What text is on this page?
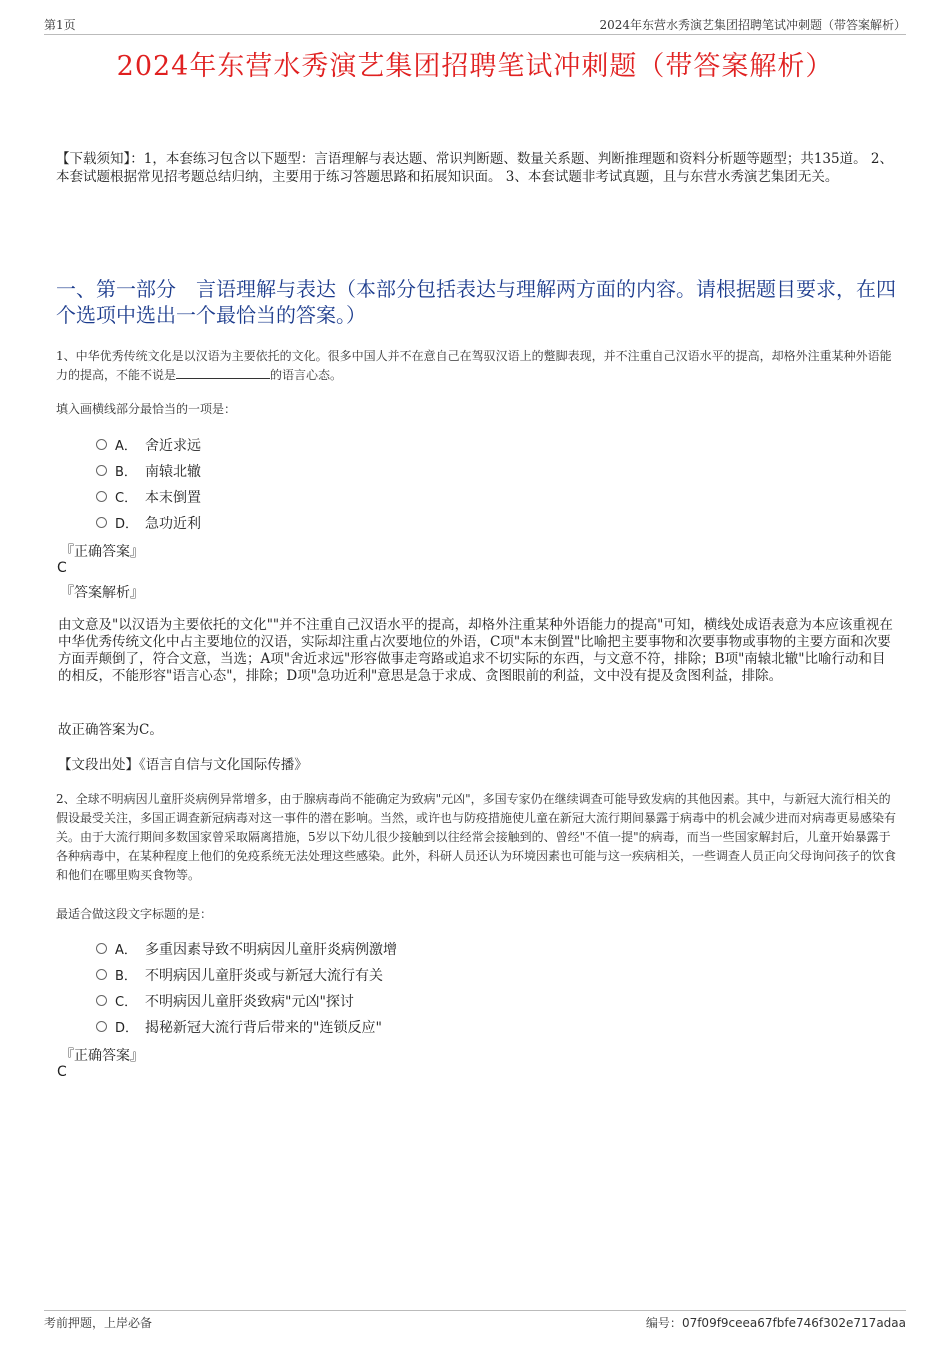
第1页	2024年东营水秀演艺集团招聘笔试冲刺题（带答案解析）
2024年东营水秀演艺集团招聘笔试冲刺题（带答案解析）

【下载须知】：1，本套练习包含以下题型：言语理解与表达题、常识判断题、数量关系题、判断推理题和资料分析题等题型；共135道。 2、本套试题根据常见招考题总结归纳，主要用于练习答题思路和拓展知识面。 3、本套试题非考试真题，且与东营水秀演艺集团无关。

一、第一部分　言语理解与表达（本部分包括表达与理解两方面的内容。请根据题目要求，在四个选项中选出一个最恰当的答案。）

1、中华优秀传统文化是以汉语为主要依托的文化。很多中国人并不在意自己在驾驭汉语上的蹩脚表现，并不注重自己汉语水平的提高，却格外注重某种外语能力的提高，不能不说是	的语言心态。

填入画横线部分最恰当的一项是：

A． 舍近求远
B． 南辕北辙
C． 本末倒置
D． 急功近利

『正确答案』

C

『答案解析』

由文意及"以汉语为主要依托的文化""并不注重自己汉语水平的提高，却格外注重某种外语能力的提高"可知，横线处成语表意为本应该重视在中华优秀传统文化中占主要地位的汉语，实际却注重占次要地位的外语，C项"本末倒置"比喻把主要事物和次要事物或事物的主要方面和次要方面弄颠倒了，符合文意，当选；A项"舍近求远"形容做事走弯路或追求不切实际的东西，与文意不符，排除；B项"南辕北辙"比喻行动和目的相反，不能形容"语言心态"，排除；D项"急功近利"意思是急于求成、贪图眼前的利益，文中没有提及贪图利益，排除。

故正确答案为C。

【文段出处】《语言自信与文化国际传播》

2、全球不明病因儿童肝炎病例异常增多，由于腺病毒尚不能确定为致病"元凶"，多国专家仍在继续调查可能导致发病的其他因素。其中，与新冠大流行相关的假设最受关注，多国正调查新冠病毒对这一事件的潜在影响。当然，或许也与防疫措施使儿童在新冠大流行期间暴露于病毒中的机会减少进而对病毒更易感染有关。由于大流行期间多数国家曾采取隔离措施，5岁以下幼儿很少接触到以往经常会接触到的、曾经"不值一提"的病毒，而当一些国家解封后，儿童开始暴露于各种病毒中，在某种程度上他们的免疫系统无法处理这些感染。此外，科研人员还认为环境因素也可能与这一疾病相关，一些调查人员正向父母询问孩子的饮食和他们在哪里购买食物等。

最适合做这段文字标题的是：

A． 多重因素导致不明病因儿童肝炎病例激增
B． 不明病因儿童肝炎或与新冠大流行有关
C． 不明病因儿童肝炎致病"元凶"探讨
D． 揭秘新冠大流行背后带来的"连锁反应"

『正确答案』

C

考前押题，上岸必备	编号：07f09f9ceea67fbfe746f302e717adaa
